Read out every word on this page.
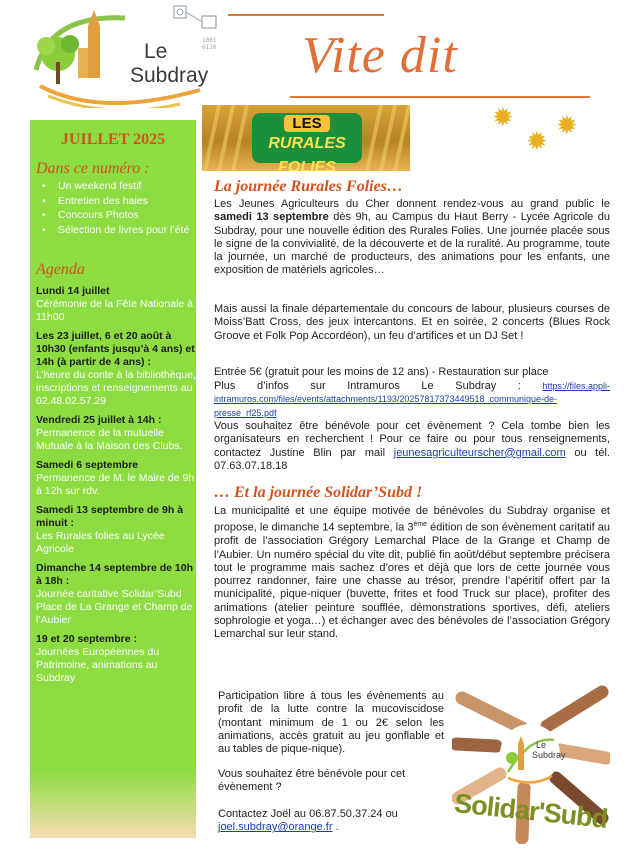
Le
Subdray
1001
0110 Vite dit
JUILLET 2025
Dans ce numéro :
• Un weekend festif
• Entretien des haies
• Concours Photos
• Sélection de livres pour l’été
Agenda
Lundi 14 juillet
Cérémonie de la Fête Nationale à 11h00
Les 23 juillet, 6 et 20 août à 10h30 (enfants jusqu’à 4 ans) et 14h (à partir de 4 ans) :
L’heure du conte à la bibliothèque, inscriptions et renseignements au 02.48.02.57.29
Vendredi 25 juillet à 14h :
Permanence de la mutuelle Mutuale à la Maison des Clubs.
Samedi 6 septembre
Permanence de M. le Maire de 9h à 12h sur rdv.
Samedi 13 septembre de 9h à minuit :
Les Rurales folies au Lycée Agricole
Dimanche 14 septembre de 10h à 18h :
Journée caritative Solidar’Subd Place de La Grange et Champ de l’Aubier
19 et 20 septembre :
Journées Européennes du Patrimoine, animations au Subdray
LES
RURALES FOLIES
✹
✹
✹
La journée Rurales Folies…
Les Jeunes Agriculteurs du Cher donnent rendez-vous au grand public le samedi 13 septembre dès 9h, au Campus du Haut Berry - Lycée Agricole du Subdray, pour une nouvelle édition des Rurales Folies. Une journée placée sous le signe de la convivialité, de la découverte et de la ruralité. Au programme, toute la journée, un marché de producteurs, des animations pour les enfants, une exposition de matériels agricoles…
Mais aussi la finale départementale du concours de labour, plusieurs courses de Moiss’Batt Cross, des jeux intercantons. Et en soirée, 2 concerts (Blues Rock Groove et Folk Pop Accordéon), un feu d’artifices et un DJ Set !
Entrée 5€ (gratuit pour les moins de 12 ans) - Restauration sur place
Plus d’infos sur Intramuros Le Subdray : https://files.appli-intramuros.com/files/events/attachments/1193/20257817373449518_communique-de-presse_rf25.pdf
Vous souhaitez être bénévole pour cet évènement ? Cela tombe bien les organisateurs en recherchent ! Pour ce faire ou pour tous renseignements, contactez Justine Blin par mail jeunesagriculteurscher@gmail.com ou tél. 07.63.07.18.18
… Et la journée Solidar’Subd !
La municipalité et une équipe motivée de bénévoles du Subdray organise et propose, le dimanche 14 septembre, la 3ème édition de son évènement caritatif au profit de l’association Grégory Lemarchal Place de la Grange et Champ de l’Aubier. Un numéro spécial du vite dit, publié fin août/début septembre précisera tout le programme mais sachez d’ores et déjà que lors de cette journée vous pourrez randonner, faire une chasse au trésor, prendre l’apéritif offert par la municipalité, pique-niquer (buvette, frites et food Truck sur place), profiter des animations (atelier peinture soufflée, démonstrations sportives, défi, ateliers sophrologie et yoga…) et échanger avec des bénévoles de l’association Grégory Lemarchal sur leur stand.
Participation libre à tous les évènements au profit de la lutte contre la mucoviscidose (montant minimum de 1 ou 2€ selon les animations, accès gratuit au jeu gonflable et au tables de pique-nique).
Vous souhaitez être bénévole pour cet évènement ?
Contactez Joël au 06.87.50.37.24 ou joel.subdray@orange.fr .
Le
Subdray
Solidar'Subd
